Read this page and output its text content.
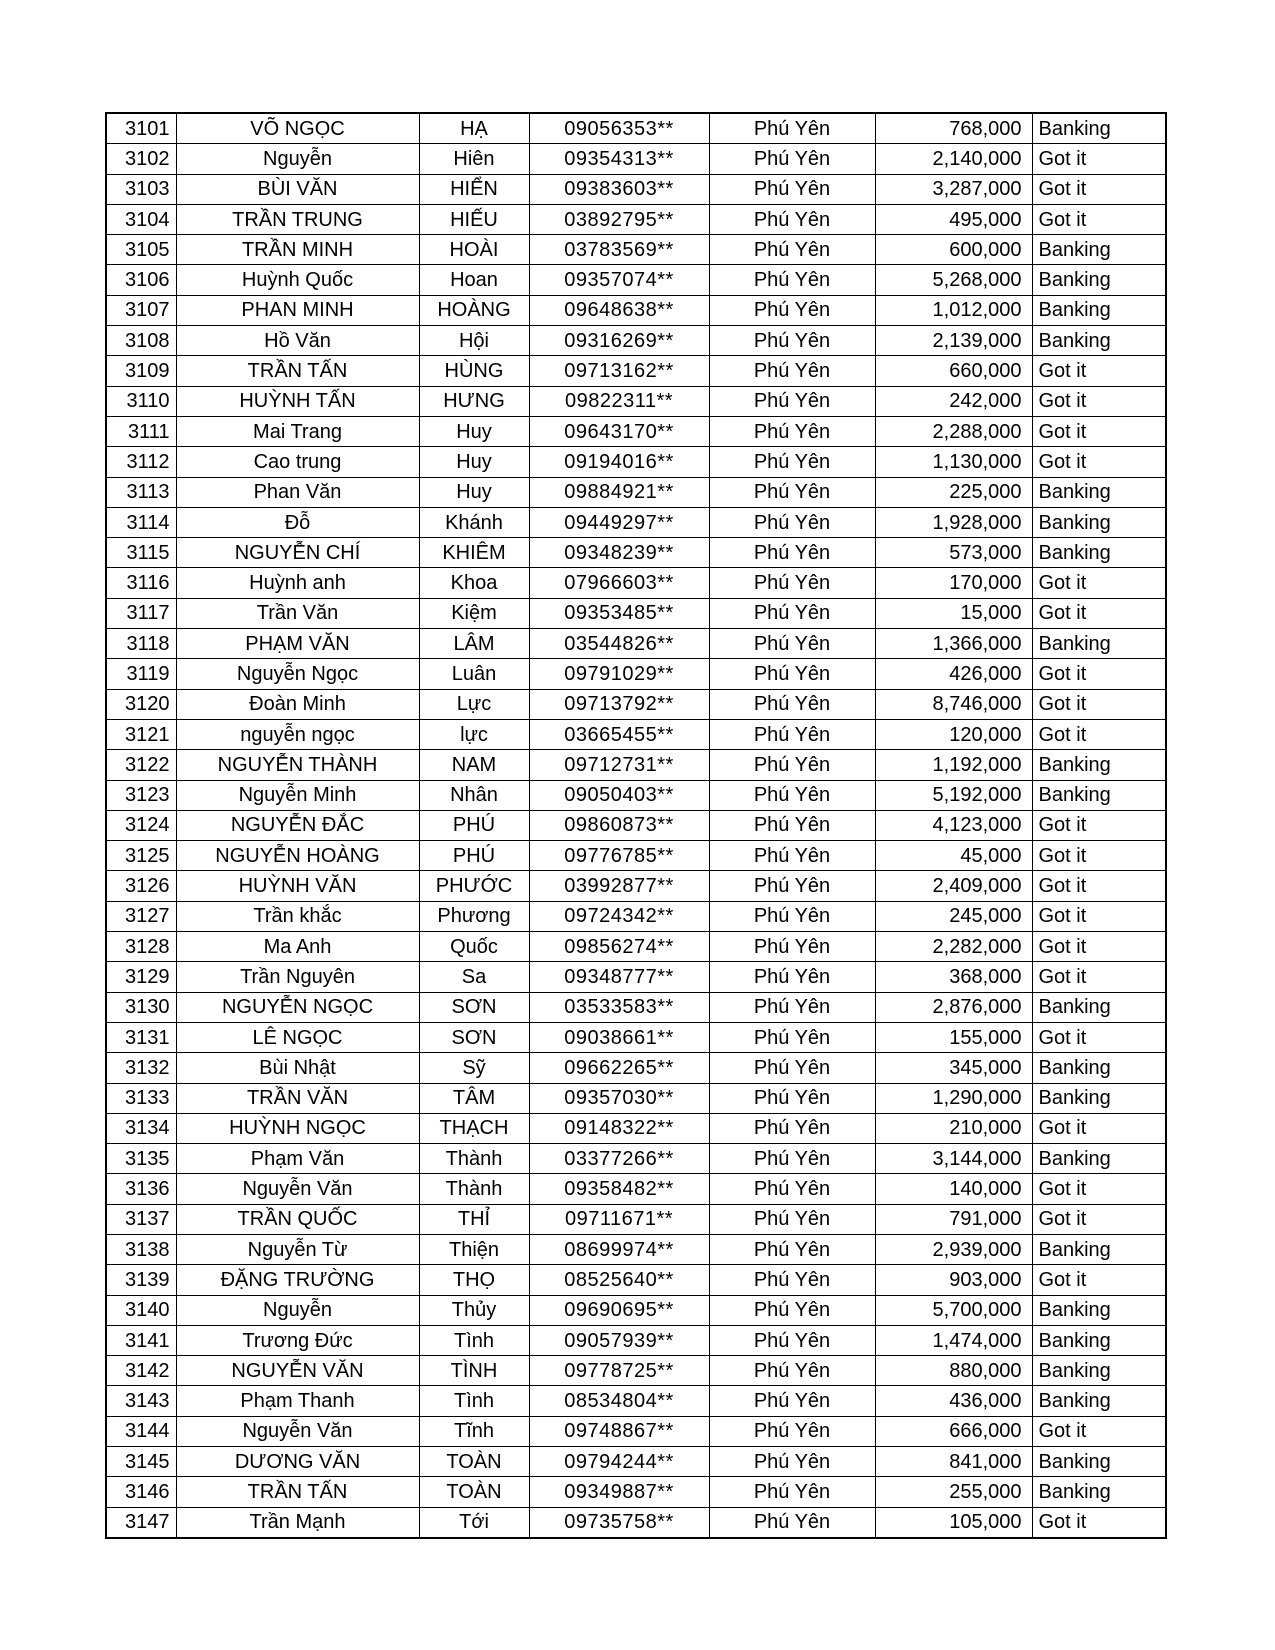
3101	VÕ NGỌC	HẠ	09056353**	Phú Yên	768,000	Banking
3102	Nguyễn	Hiên	09354313**	Phú Yên	2,140,000	Got it
3103	BÙI VĂN	HIỂN	09383603**	Phú Yên	3,287,000	Got it
3104	TRẦN TRUNG	HIẾU	03892795**	Phú Yên	495,000	Got it
3105	TRẦN MINH	HOÀI	03783569**	Phú Yên	600,000	Banking
3106	Huỳnh Quốc	Hoan	09357074**	Phú Yên	5,268,000	Banking
3107	PHAN MINH	HOÀNG	09648638**	Phú Yên	1,012,000	Banking
3108	Hồ Văn	Hội	09316269**	Phú Yên	2,139,000	Banking
3109	TRẦN TẤN	HÙNG	09713162**	Phú Yên	660,000	Got it
3110	HUỲNH TẤN	HƯNG	09822311**	Phú Yên	242,000	Got it
3111	Mai Trang	Huy	09643170**	Phú Yên	2,288,000	Got it
3112	Cao trung	Huy	09194016**	Phú Yên	1,130,000	Got it
3113	Phan Văn	Huy	09884921**	Phú Yên	225,000	Banking
3114	Đỗ	Khánh	09449297**	Phú Yên	1,928,000	Banking
3115	NGUYỄN CHÍ	KHIÊM	09348239**	Phú Yên	573,000	Banking
3116	Huỳnh anh	Khoa	07966603**	Phú Yên	170,000	Got it
3117	Trần Văn	Kiệm	09353485**	Phú Yên	15,000	Got it
3118	PHẠM VĂN	LÂM	03544826**	Phú Yên	1,366,000	Banking
3119	Nguyễn Ngọc	Luân	09791029**	Phú Yên	426,000	Got it
3120	Đoàn Minh	Lực	09713792**	Phú Yên	8,746,000	Got it
3121	nguyễn ngọc	lực	03665455**	Phú Yên	120,000	Got it
3122	NGUYỄN THÀNH	NAM	09712731**	Phú Yên	1,192,000	Banking
3123	Nguyễn Minh	Nhân	09050403**	Phú Yên	5,192,000	Banking
3124	NGUYỄN ĐẮC	PHÚ	09860873**	Phú Yên	4,123,000	Got it
3125	NGUYỄN HOÀNG	PHÚ	09776785**	Phú Yên	45,000	Got it
3126	HUỲNH VĂN	PHƯỚC	03992877**	Phú Yên	2,409,000	Got it
3127	Trần khắc	Phương	09724342**	Phú Yên	245,000	Got it
3128	Ma Anh	Quốc	09856274**	Phú Yên	2,282,000	Got it
3129	Trần Nguyên	Sa	09348777**	Phú Yên	368,000	Got it
3130	NGUYỄN NGỌC	SƠN	03533583**	Phú Yên	2,876,000	Banking
3131	LÊ NGỌC	SƠN	09038661**	Phú Yên	155,000	Got it
3132	Bùi Nhật	Sỹ	09662265**	Phú Yên	345,000	Banking
3133	TRẦN VĂN	TÂM	09357030**	Phú Yên	1,290,000	Banking
3134	HUỲNH NGỌC	THẠCH	09148322**	Phú Yên	210,000	Got it
3135	Phạm Văn	Thành	03377266**	Phú Yên	3,144,000	Banking
3136	Nguyễn Văn	Thành	09358482**	Phú Yên	140,000	Got it
3137	TRẦN QUỐC	THỈ	09711671**	Phú Yên	791,000	Got it
3138	Nguyễn Từ	Thiện	08699974**	Phú Yên	2,939,000	Banking
3139	ĐẶNG TRƯỜNG	THỌ	08525640**	Phú Yên	903,000	Got it
3140	Nguyễn	Thủy	09690695**	Phú Yên	5,700,000	Banking
3141	Trương Đức	Tình	09057939**	Phú Yên	1,474,000	Banking
3142	NGUYỄN VĂN	TÌNH	09778725**	Phú Yên	880,000	Banking
3143	Phạm Thanh	Tình	08534804**	Phú Yên	436,000	Banking
3144	Nguyễn Văn	Tĩnh	09748867**	Phú Yên	666,000	Got it
3145	DƯƠNG VĂN	TOÀN	09794244**	Phú Yên	841,000	Banking
3146	TRẦN TẤN	TOÀN	09349887**	Phú Yên	255,000	Banking
3147	Trần Mạnh	Tới	09735758**	Phú Yên	105,000	Got it
